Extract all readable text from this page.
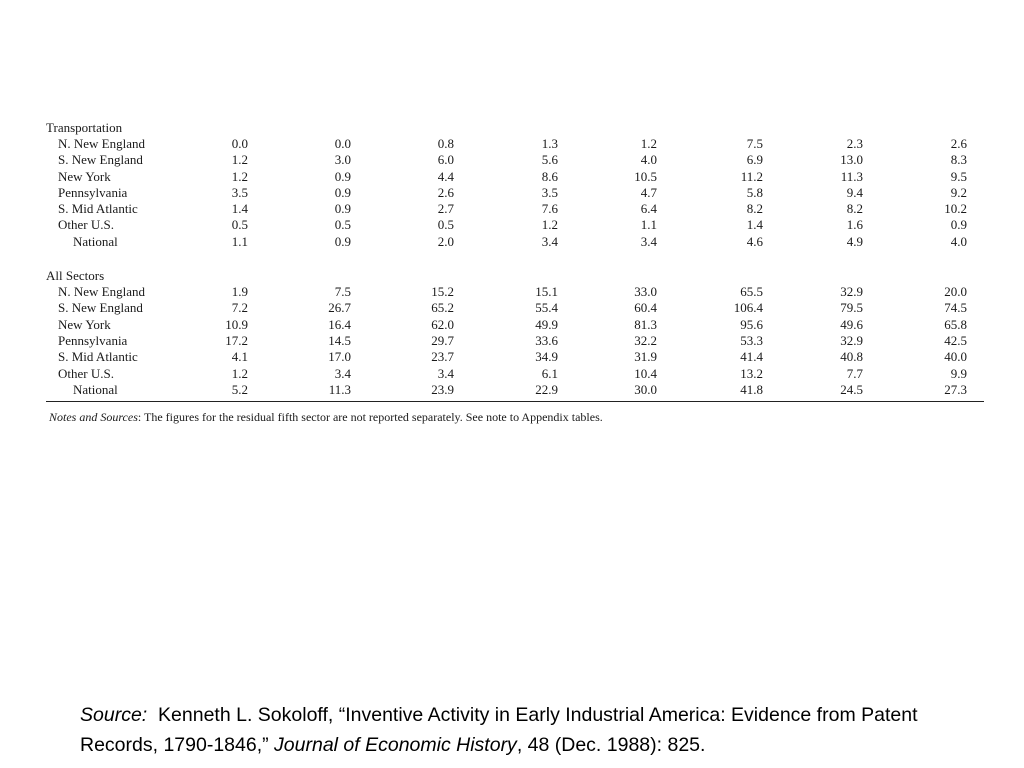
Transportation
N. New England	0.0	0.0	0.8	1.3	1.2	7.5	2.3	2.6
S. New England	1.2	3.0	6.0	5.6	4.0	6.9	13.0	8.3
New York	1.2	0.9	4.4	8.6	10.5	11.2	11.3	9.5
Pennsylvania	3.5	0.9	2.6	3.5	4.7	5.8	9.4	9.2
S. Mid Atlantic	1.4	0.9	2.7	7.6	6.4	8.2	8.2	10.2
Other U.S.	0.5	0.5	0.5	1.2	1.1	1.4	1.6	0.9
National	1.1	0.9	2.0	3.4	3.4	4.6	4.9	4.0
All Sectors
N. New England	1.9	7.5	15.2	15.1	33.0	65.5	32.9	20.0
S. New England	7.2	26.7	65.2	55.4	60.4	106.4	79.5	74.5
New York	10.9	16.4	62.0	49.9	81.3	95.6	49.6	65.8
Pennsylvania	17.2	14.5	29.7	33.6	32.2	53.3	32.9	42.5
S. Mid Atlantic	4.1	17.0	23.7	34.9	31.9	41.4	40.8	40.0
Other U.S.	1.2	3.4	3.4	6.1	10.4	13.2	7.7	9.9
National	5.2	11.3	23.9	22.9	30.0	41.8	24.5	27.3
Notes and Sources: The figures for the residual fifth sector are not reported separately. See note to Appendix tables.
Source: Kenneth L. Sokoloff, “Inventive Activity in Early Industrial America: Evidence from Patent Records, 1790-1846,” Journal of Economic History, 48 (Dec. 1988): 825.
